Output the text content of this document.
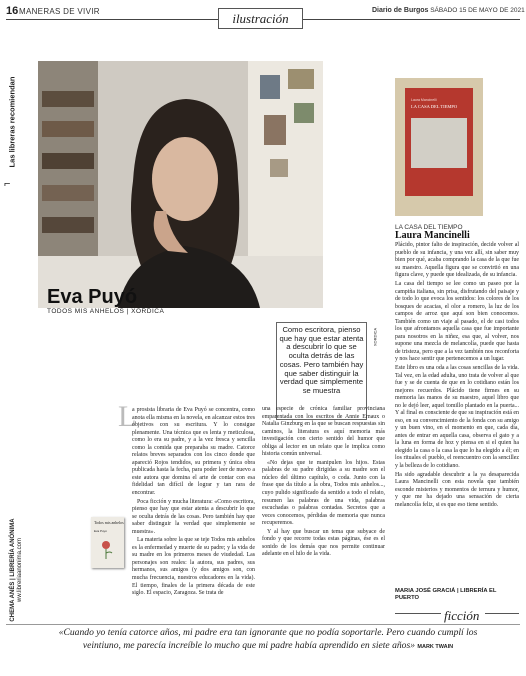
16 MANERAS DE VIVIR	ilustración
Diario de Burgos SÁBADO 15 DE MAYO DE 2021
Las libreras recomiendan
⌐
Eva Puyó
TODOS MIS ANHELOS | XORDICA
Como escritora, pienso que hay que estar atenta a descubrir lo que se oculta detrás de las cosas. Pero también hay que saber distinguir la verdad que simplemente se muestra
XORDICA
L

a prosista libraria de Eva Puyó se concentra, como anota ella misma en la novela, en alcanzar estos tres objetivos con su escritura. Y lo consigue plenamente. Una técnica que es lenta y meticulosa, como lo era su padre, y a la vez fresca y sencilla como la comida que preparaba su madre. Catorce relatos breves separados con los cinco donde que apareció Rojos tendidos, su primera y única obra publicada hasta la fecha, para poder leer de nuevo a este autora que domina el arte de contar con esa fidelidad tan difícil de lograr y tan rara de encontrar.

Poca ficción y mucha literatura: «Como escritora, pienso que hay que estar atenta a descubrir lo que se oculta detrás de las cosas. Pero también hay que saber distinguir la verdad que simplemente se muestra».

La materia sobre la que se teje Todos mis anhelos es la enfermedad y muerte de su padre; y la vida de su madre en los primeros meses de viudedad. Las personajes son reales: la autora, sus padres, sus hermanos, sus amigos (y dos amigos son, con mucha frecuencia, nuestros educadores en la vida). El tiempo, finales de la primera década de este siglo. El espacio, Zaragoza. Se trata de

una especie de crónica familiar provinciana emparentada con los escritos de Annie Ernaux o Natalia Ginzburg en la que se buscan respuestas sin caminos, la literatura es aquí memoria más investigación con cierto sentido del humor que obliga al lector en un relato que le implica como historia común universal.

«No dejas que te manipulen los hijos. Estas palabras de su padre dirigidas a su madre son el núcleo del último capítulo, o coda. Junto con la frase que da título a la obra, Todos mis anhelos..., cuyo pulido significado da sentido a todo el relato, resumen las palabras de una vida, palabras escuchadas o palabras contadas. Secretos que a veces conocemos, pérdidas de memoria que nunca recuperemos.

Y al hay que buscar un tema que subyace de fondo y que recorre todas estas páginas, ése es el sonido de los demás que nos permite continuar adelante en el hilo de la vida.

CHEMA ANÉS | LIBRERÍA ANÓNIMA ww.libreriaanonima.com
Todos mis anhelos
Eva Puyó
Laura Mancinelli
LA CASA DEL TIEMPO
LA CASA DEL TIEMPO
Laura Mancinelli

Plácido, pintor falto de inspiración, decide volver al pueblo de su infancia, y una vez allí, sin saber muy bien por qué, acaba comprando la casa de la que fue su maestro. Aquella figura que se convirtió en una figura clave, y puede que idealizada, de su infancia.

La casa del tiempo se lee como un paseo por la campiña italiana, sin prisa, disfrutando del paisaje y de todo lo que evoca los sentidos: los colores de los bosques de acacias, el olor a romero, la luz de los campos de arroz que aquí son bien conocemos. También como un viaje al pasado, el de casi todos los que afrontamos aquella casa que fue importante para nosotros en la niñez, esa que, al volver, nos supone una mezcla de melancolía, puede que hasta de tristeza, pero que a la vez también nos reconforta y nos hace sentir que pertenecemos a un lugar.

Este libro es una oda a las cosas sencillas de la vida. Tal vez, en la edad adulta, uno trata de volver al que fue y se de cuenta de que en lo cotidiano están los mejores recuerdos. Plácido tiene firmes en su memoria las manos de su maestro, aquel libro que no le dejó leer, aquel tomillo plantado en la puerta... Y al final es consciente de que su inspiración está en eso, en su convencimiento de la fonda con su amigo y un buen vino, en el momento en que, cada día, antes de entrar en aquella casa, observa el gato y a la luna en forma de hoz y piensa en si el quien ha elegido la casa o la casa la que lo ha elegido a él; en los rituales el pueblo, el reencuentro con la sencillez y la belleza de lo cotidiano.

Ha sido agradable descubrir a la ya desaparecida Laura Mancinelli con esta novela que también esconde misterios y momentos de ternura y humor, y que me ha dejado una sensación de cierta melancolía feliz, si es que eso tiene sentido.

MARIA JOSÉ GRACIÁ | LIBRERÍA EL
PUERTO
ficción
«Cuando yo tenía catorce años, mi padre era tan ignorante que no podía soportarle. Pero cuando cumplí los veintiuno, me parecía increíble lo mucho que mi padre había aprendido en siete años» MARK TWAIN
